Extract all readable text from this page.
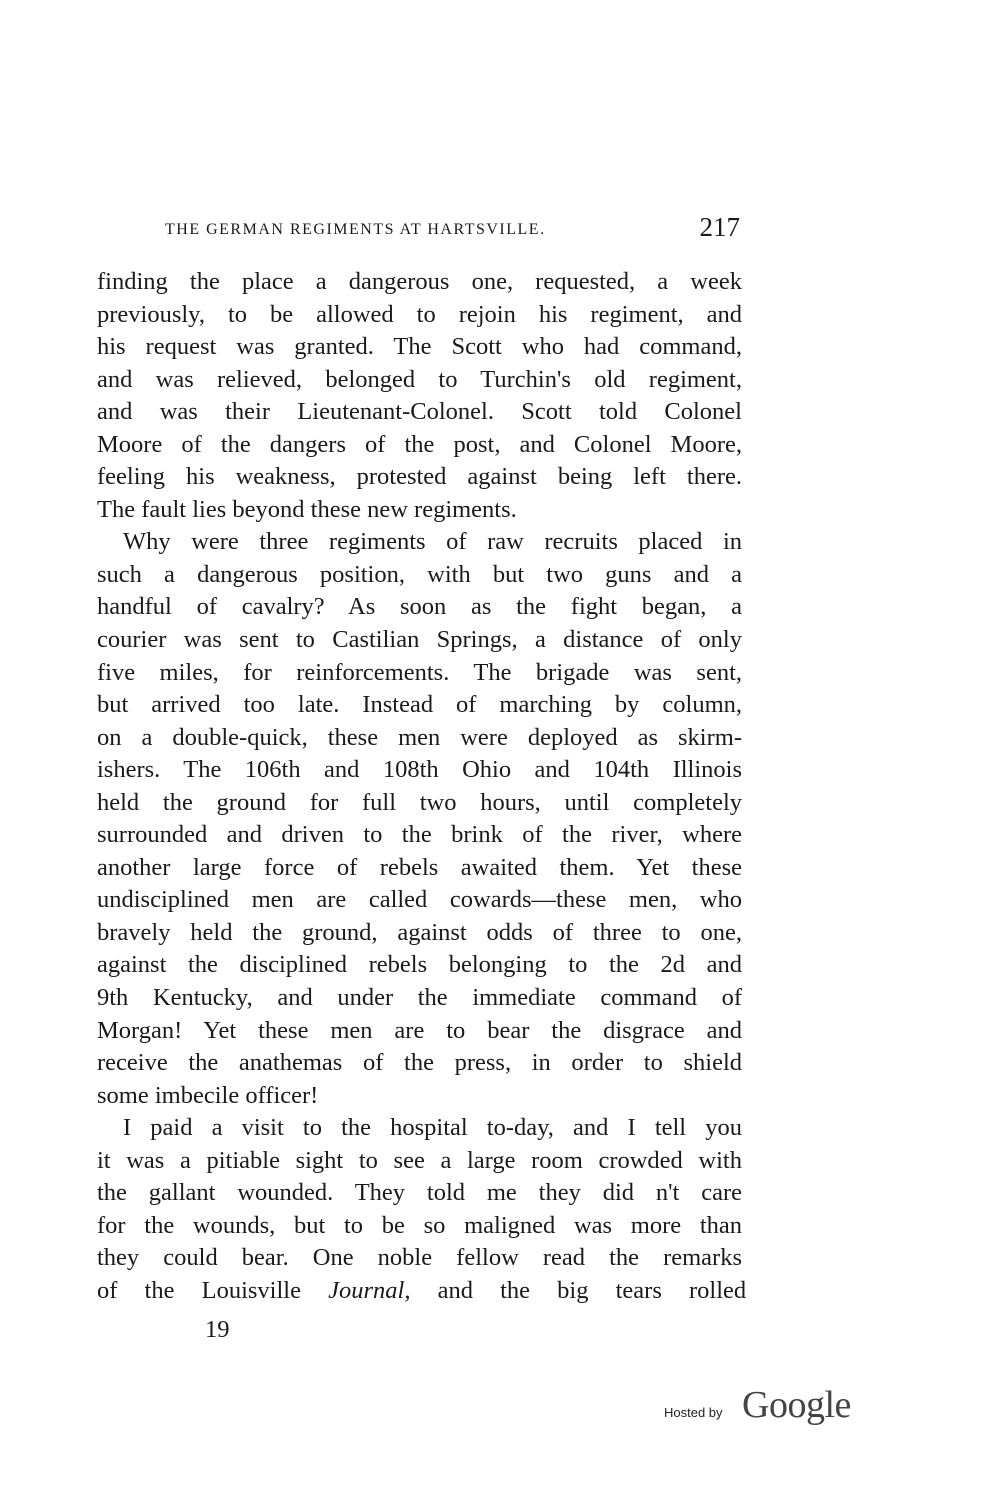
THE GERMAN REGIMENTS AT HARTSVILLE.	217
finding the place a dangerous one, requested, a week
previously, to be allowed to rejoin his regiment, and
his request was granted. The Scott who had command,
and was relieved, belonged to Turchin's old regiment,
and was their Lieutenant-Colonel. Scott told Colonel
Moore of the dangers of the post, and Colonel Moore,
feeling his weakness, protested against being left there.
The fault lies beyond these new regiments.
Why were three regiments of raw recruits placed in
such a dangerous position, with but two guns and a
handful of cavalry? As soon as the fight began, a
courier was sent to Castilian Springs, a distance of only
five miles, for reinforcements. The brigade was sent,
but arrived too late. Instead of marching by column,
on a double-quick, these men were deployed as skirm-
ishers. The 106th and 108th Ohio and 104th Illinois
held the ground for full two hours, until completely
surrounded and driven to the brink of the river, where
another large force of rebels awaited them. Yet these
undisciplined men are called cowards—these men, who
bravely held the ground, against odds of three to one,
against the disciplined rebels belonging to the 2d and
9th Kentucky, and under the immediate command of
Morgan! Yet these men are to bear the disgrace and
receive the anathemas of the press, in order to shield
some imbecile officer!
I paid a visit to the hospital to-day, and I tell you
it was a pitiable sight to see a large room crowded with
the gallant wounded. They told me they did n't care
for the wounds, but to be so maligned was more than
they could bear. One noble fellow read the remarks
of the Louisville Journal, and the big tears rolled
19
Hosted by Google
